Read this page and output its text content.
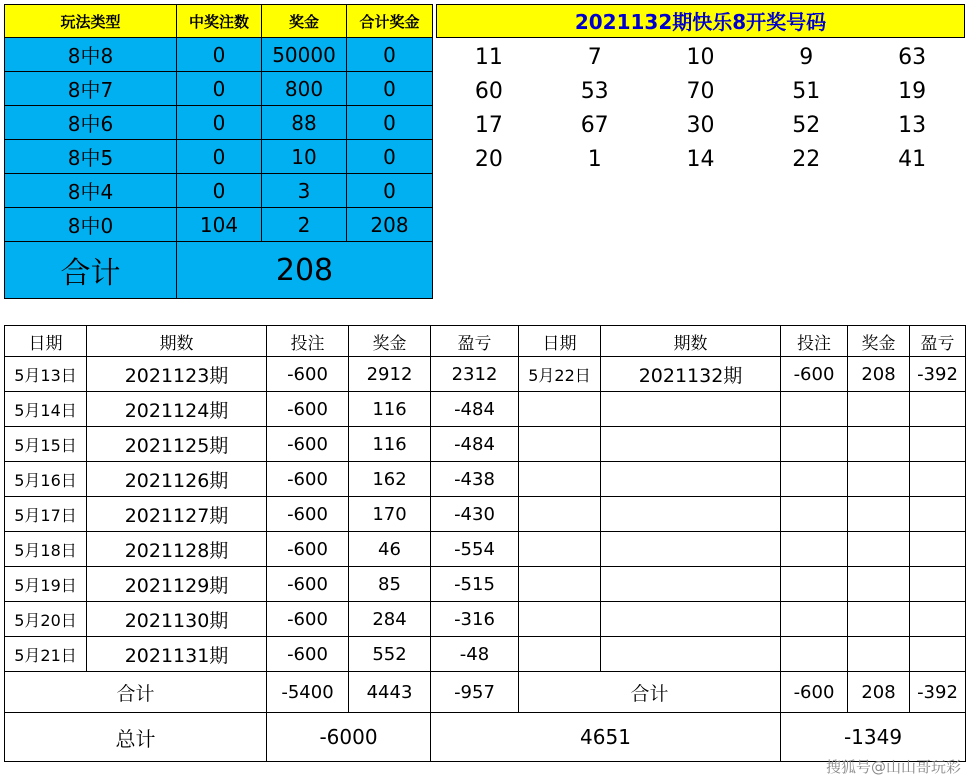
玩法类型	中奖注数	奖金	合计奖金
8中8	0	50000	0
8中7	0	800	0
8中6	0	88	0
8中5	0	10	0
8中4	0	3	0
8中0	104	2	208
合计	208		
2021132期快乐8开奖号码
11	7	10	9	63
60	53	70	51	19
17	67	30	52	13
20	1	14	22	41
日期	期数	投注	奖金	盈亏	日期	期数	投注	奖金	盈亏
5月13日	2021123期	-600	2912	2312	5月22日	2021132期	-600	208	-392
5月14日	2021124期	-600	116	-484					
5月15日	2021125期	-600	116	-484					
5月16日	2021126期	-600	162	-438					
5月17日	2021127期	-600	170	-430					
5月18日	2021128期	-600	46	-554					
5月19日	2021129期	-600	85	-515					
5月20日	2021130期	-600	284	-316					
5月21日	2021131期	-600	552	-48					
合计		-5400	4443	-957	合计		-600	208	-392
总计		-6000		4651			-1349		
搜狐号@山山哥玩彩
